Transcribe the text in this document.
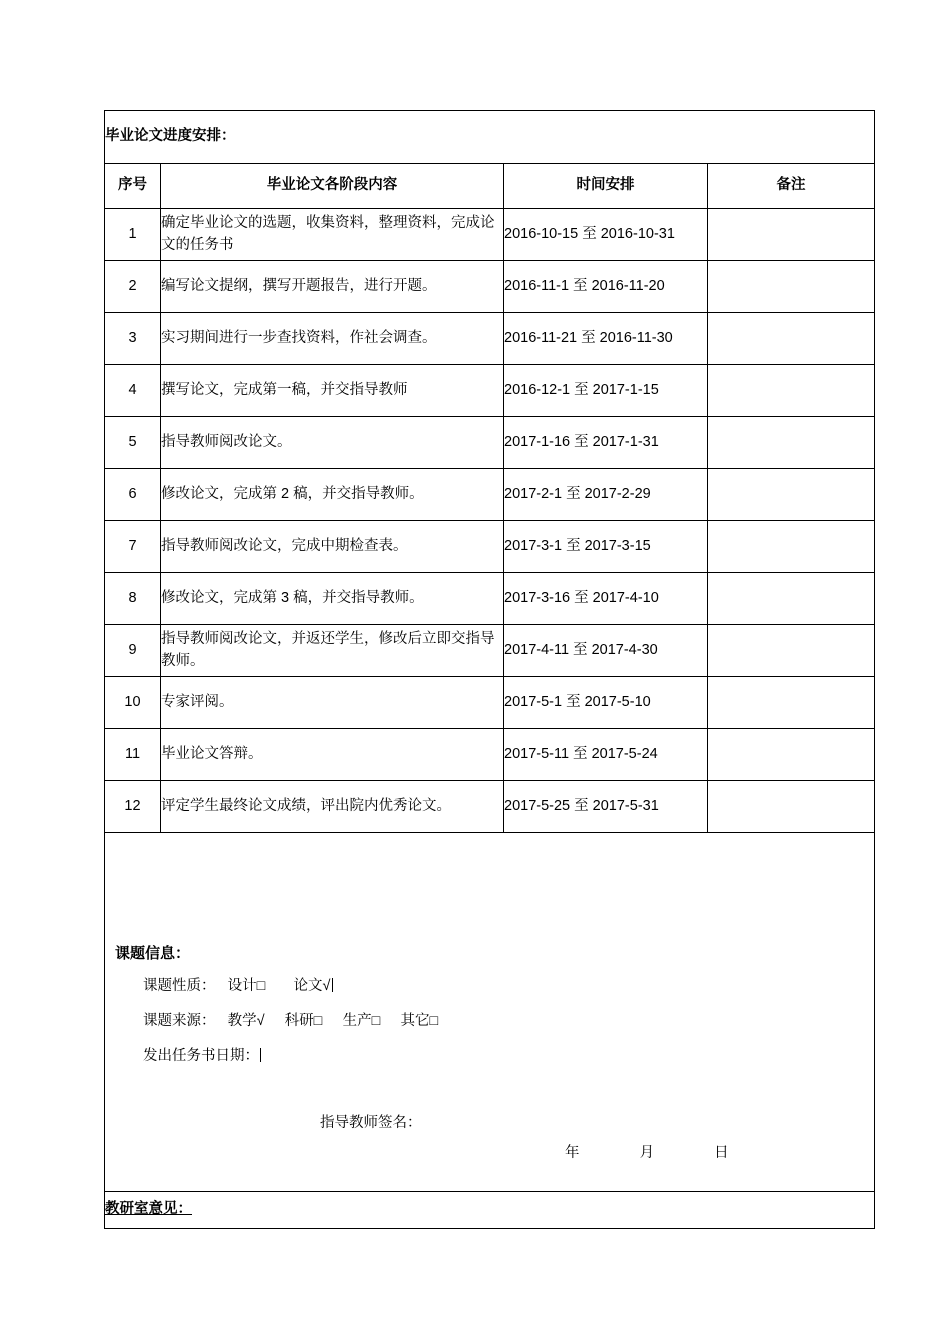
毕业论文进度安排：			
序号	毕业论文各阶段内容	时间安排	备注
1	确定毕业论文的选题，收集资料，整理资料，完成论文的任务书	2016-10-15 至 2016-10-31	
2	编写论文提纲，撰写开题报告，进行开题。	2016-11-1 至 2016-11-20	
3	实习期间进行一步查找资料，作社会调查。	2016-11-21 至 2016-11-30	
4	撰写论文，完成第一稿，并交指导教师	2016-12-1 至 2017-1-15	
5	指导教师阅改论文。	2017-1-16 至 2017-1-31	
6	修改论文，完成第 2 稿，并交指导教师。	2017-2-1 至 2017-2-29	
7	指导教师阅改论文，完成中期检查表。	2017-3-1 至 2017-3-15	
8	修改论文，完成第 3 稿，并交指导教师。	2017-3-16 至 2017-4-10	
9	指导教师阅改论文，并返还学生，修改后立即交指导教师。	2017-4-11 至 2017-4-30	
10	专家评阅。	2017-5-1 至 2017-5-10	
11	毕业论文答辩。	2017-5-11 至 2017-5-24	
12	评定学生最终论文成绩，评出院内优秀论文。	2017-5-25 至 2017-5-31	

课题信息：
课题性质：   设计□       论文√
课题来源：   教学√     科研□     生产□     其它□
发出任务书日期：
指导教师签名：
年	月	日

教研室意见：			
